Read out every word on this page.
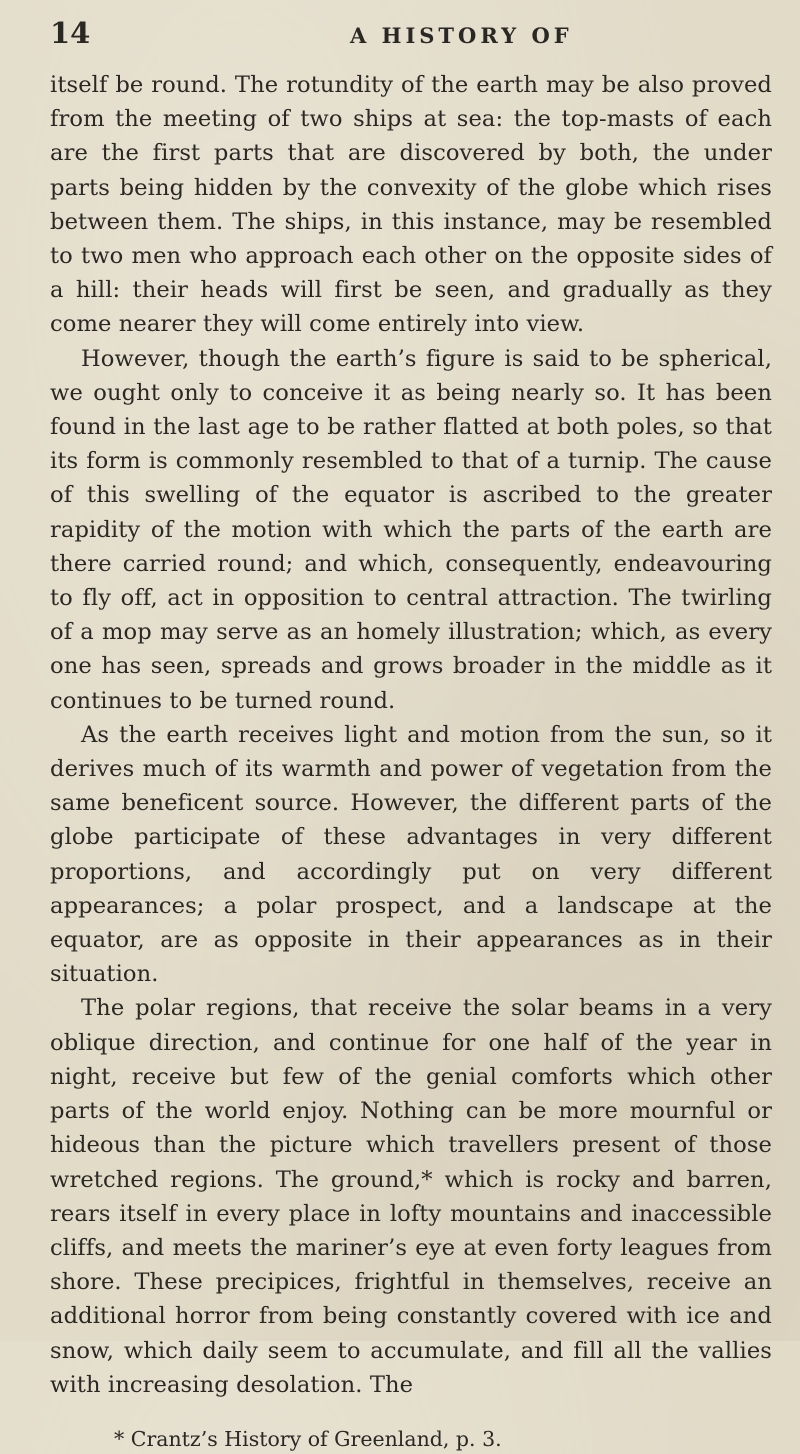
14	A HISTORY OF

itself be round. The rotundity of the earth may be also proved from the meeting of two ships at sea: the top-masts of each are the first parts that are discovered by both, the under parts being hidden by the convexity of the globe which rises between them. The ships, in this instance, may be resembled to two men who approach each other on the opposite sides of a hill: their heads will first be seen, and gradually as they come nearer they will come entirely into view.

However, though the earth’s figure is said to be spherical, we ought only to conceive it as being nearly so. It has been found in the last age to be rather flatted at both poles, so that its form is commonly resembled to that of a turnip. The cause of this swelling of the equator is ascribed to the greater rapidity of the motion with which the parts of the earth are there carried round; and which, consequently, endeavouring to fly off, act in opposition to central attraction. The twirling of a mop may serve as an homely illustration; which, as every one has seen, spreads and grows broader in the middle as it continues to be turned round.

As the earth receives light and motion from the sun, so it derives much of its warmth and power of vegetation from the same beneficent source. However, the different parts of the globe participate of these advantages in very different proportions, and accordingly put on very different appearances; a polar prospect, and a landscape at the equator, are as opposite in their appearances as in their situation.

The polar regions, that receive the solar beams in a very oblique direction, and continue for one half of the year in night, receive but few of the genial comforts which other parts of the world enjoy. Nothing can be more mournful or hideous than the picture which travellers present of those wretched regions. The ground,* which is rocky and barren, rears itself in every place in lofty mountains and inaccessible cliffs, and meets the mariner’s eye at even forty leagues from shore. These precipices, frightful in themselves, receive an additional horror from being constantly covered with ice and snow, which daily seem to accumulate, and fill all the vallies with increasing desolation. The

* Crantz’s History of Greenland, p. 3.
